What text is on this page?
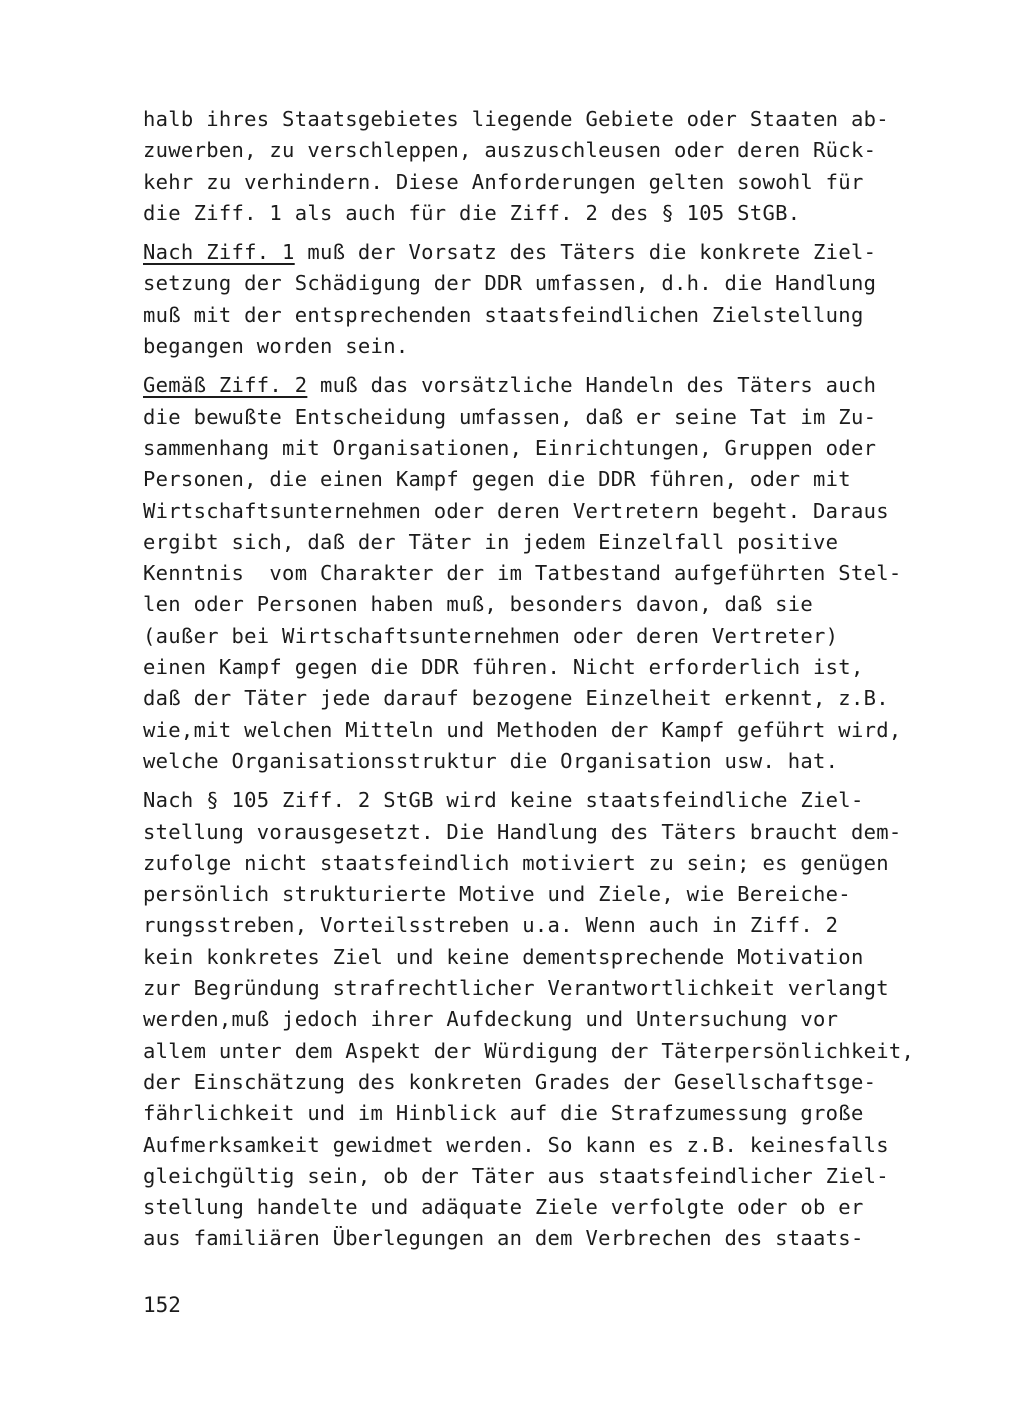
halb ihres Staatsgebietes liegende Gebiete oder Staaten ab-
zuwerben, zu verschleppen, auszuschleusen oder deren Rück-
kehr zu verhindern. Diese Anforderungen gelten sowohl für
die Ziff. 1 als auch für die Ziff. 2 des § 105 StGB.
Nach Ziff. 1 muß der Vorsatz des Täters die konkrete Ziel-
setzung der Schädigung der DDR umfassen, d.h. die Handlung
muß mit der entsprechenden staatsfeindlichen Zielstellung
begangen worden sein.
Gemäß Ziff. 2 muß das vorsätzliche Handeln des Täters auch
die bewußte Entscheidung umfassen, daß er seine Tat im Zu-
sammenhang mit Organisationen, Einrichtungen, Gruppen oder
Personen, die einen Kampf gegen die DDR führen, oder mit
Wirtschaftsunternehmen oder deren Vertretern begeht. Daraus
ergibt sich, daß der Täter in jedem Einzelfall positive
Kenntnis  vom Charakter der im Tatbestand aufgeführten Stel-
len oder Personen haben muß, besonders davon, daß sie
(außer bei Wirtschaftsunternehmen oder deren Vertreter)
einen Kampf gegen die DDR führen. Nicht erforderlich ist,
daß der Täter jede darauf bezogene Einzelheit erkennt, z.B.
wie,mit welchen Mitteln und Methoden der Kampf geführt wird,
welche Organisationsstruktur die Organisation usw. hat.
Nach § 105 Ziff. 2 StGB wird keine staatsfeindliche Ziel-
stellung vorausgesetzt. Die Handlung des Täters braucht dem-
zufolge nicht staatsfeindlich motiviert zu sein; es genügen
persönlich strukturierte Motive und Ziele, wie Bereiche-
rungsstreben, Vorteilsstreben u.a. Wenn auch in Ziff. 2
kein konkretes Ziel und keine dementsprechende Motivation
zur Begründung strafrechtlicher Verantwortlichkeit verlangt
werden,muß jedoch ihrer Aufdeckung und Untersuchung vor
allem unter dem Aspekt der Würdigung der Täterpersönlichkeit,
der Einschätzung des konkreten Grades der Gesellschaftsge-
fährlichkeit und im Hinblick auf die Strafzumessung große
Aufmerksamkeit gewidmet werden. So kann es z.B. keinesfalls
gleichgültig sein, ob der Täter aus staatsfeindlicher Ziel-
stellung handelte und adäquate Ziele verfolgte oder ob er
aus familiären Überlegungen an dem Verbrechen des staats-
152
